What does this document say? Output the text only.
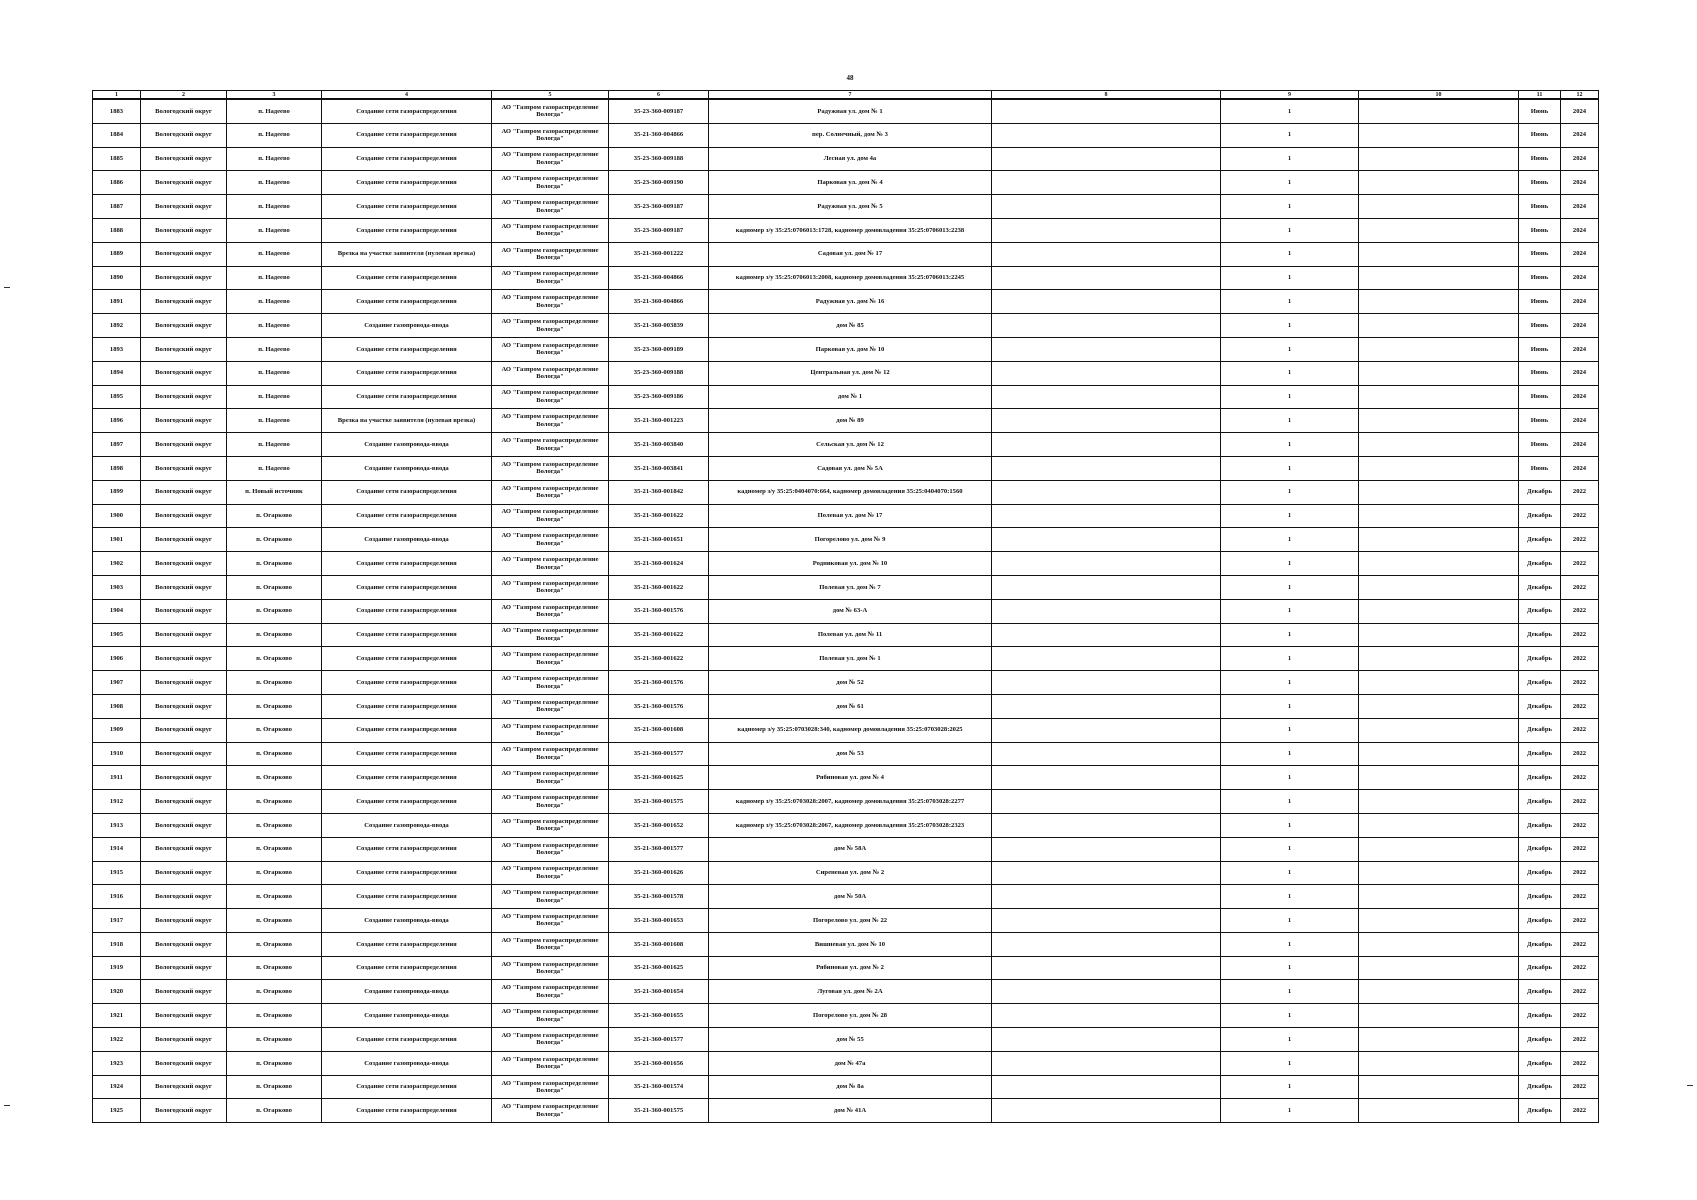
48
1	2	3	4	5	6	7	8	9	10	11	12
1883	Вологодский округ	п. Надеево	Создание сети газораспределения	АО "Газпром газораспределение Вологда"	35-23-360-009187	Радужная ул. дом № 1		1		Июнь	2024
1884	Вологодский округ	п. Надеево	Создание сети газораспределения	АО "Газпром газораспределение Вологда"	35-21-360-004866	пер. Солнечный, дом № 3		1		Июнь	2024
1885	Вологодский округ	п. Надеево	Создание сети газораспределения	АО "Газпром газораспределение Вологда"	35-23-360-009188	Лесная ул. дом 4а		1		Июнь	2024
1886	Вологодский округ	п. Надеево	Создание сети газораспределения	АО "Газпром газораспределение Вологда"	35-23-360-009190	Парковая ул. дом № 4		1		Июнь	2024
1887	Вологодский округ	п. Надеево	Создание сети газораспределения	АО "Газпром газораспределение Вологда"	35-23-360-009187	Радужная ул. дом № 5		1		Июнь	2024
1888	Вологодский округ	п. Надеево	Создание сети газораспределения	АО "Газпром газораспределение Вологда"	35-23-360-009187	кадномер з/у 35:25:0706013:1728, кадномер домовладения 35:25:0706013:2238		1		Июнь	2024
1889	Вологодский округ	п. Надеево	Врезка на участке заявителя (нулевая врезка)	АО "Газпром газораспределение Вологда"	35-21-360-001222	Садовая ул. дом № 17		1		Июнь	2024
1890	Вологодский округ	п. Надеево	Создание сети газораспределения	АО "Газпром газораспределение Вологда"	35-21-360-004866	кадномер з/у 35:25:0706013:2008, кадномер домовладения 35:25:0706013:2245		1		Июнь	2024
1891	Вологодский округ	п. Надеево	Создание сети газораспределения	АО "Газпром газораспределение Вологда"	35-21-360-004866	Радужная ул. дом № 16		1		Июнь	2024
1892	Вологодский округ	п. Надеево	Создание газопровода-ввода	АО "Газпром газораспределение Вологда"	35-21-360-003839	дом № 85		1		Июнь	2024
1893	Вологодский округ	п. Надеево	Создание сети газораспределения	АО "Газпром газораспределение Вологда"	35-23-360-009189	Парковая ул. дом № 10		1		Июнь	2024
1894	Вологодский округ	п. Надеево	Создание сети газораспределения	АО "Газпром газораспределение Вологда"	35-23-360-009188	Центральная ул. дом № 12		1		Июнь	2024
1895	Вологодский округ	п. Надеево	Создание сети газораспределения	АО "Газпром газораспределение Вологда"	35-23-360-009186	дом № 1		1		Июнь	2024
1896	Вологодский округ	п. Надеево	Врезка на участке заявителя (нулевая врезка)	АО "Газпром газораспределение Вологда"	35-21-360-001223	дом № 89		1		Июнь	2024
1897	Вологодский округ	п. Надеево	Создание газопровода-ввода	АО "Газпром газораспределение Вологда"	35-21-360-003840	Сельская ул. дом № 12		1		Июнь	2024
1898	Вологодский округ	п. Надеево	Создание газопровода-ввода	АО "Газпром газораспределение Вологда"	35-21-360-003841	Садовая ул. дом № 5А		1		Июнь	2024
1899	Вологодский округ	п. Новый источник	Создание сети газораспределения	АО "Газпром газораспределение Вологда"	35-21-360-001842	кадномер з/у 35:25:0404070:664, кадномер домовладения 35:25:0404070:1560		1		Декабрь	2022
1900	Вологодский округ	п. Огарково	Создание сети газораспределения	АО "Газпром газораспределение Вологда"	35-21-360-001622	Полевая ул. дом № 17		1		Декабрь	2022
1901	Вологодский округ	п. Огарково	Создание газопровода-ввода	АО "Газпром газораспределение Вологда"	35-21-360-001651	Погорелово ул. дом № 9		1		Декабрь	2022
1902	Вологодский округ	п. Огарково	Создание сети газораспределения	АО "Газпром газораспределение Вологда"	35-21-360-001624	Родниковая ул. дом № 10		1		Декабрь	2022
1903	Вологодский округ	п. Огарково	Создание сети газораспределения	АО "Газпром газораспределение Вологда"	35-21-360-001622	Полевая ул. дом № 7		1		Декабрь	2022
1904	Вологодский округ	п. Огарково	Создание сети газораспределения	АО "Газпром газораспределение Вологда"	35-21-360-001576	дом № 63-А		1		Декабрь	2022
1905	Вологодский округ	п. Огарково	Создание сети газораспределения	АО "Газпром газораспределение Вологда"	35-21-360-001622	Полевая ул. дом № 11		1		Декабрь	2022
1906	Вологодский округ	п. Огарково	Создание сети газораспределения	АО "Газпром газораспределение Вологда"	35-21-360-001622	Полевая ул. дом № 1		1		Декабрь	2022
1907	Вологодский округ	п. Огарково	Создание сети газораспределения	АО "Газпром газораспределение Вологда"	35-21-360-001576	дом № 52		1		Декабрь	2022
1908	Вологодский округ	п. Огарково	Создание сети газораспределения	АО "Газпром газораспределение Вологда"	35-21-360-001576	дом № 61		1		Декабрь	2022
1909	Вологодский округ	п. Огарково	Создание сети газораспределения	АО "Газпром газораспределение Вологда"	35-21-360-001608	кадномер з/у 35:25:0703028:340, кадномер домовладения 35:25:0703028:2025		1		Декабрь	2022
1910	Вологодский округ	п. Огарково	Создание сети газораспределения	АО "Газпром газораспределение Вологда"	35-21-360-001577	дом № 53		1		Декабрь	2022
1911	Вологодский округ	п. Огарково	Создание сети газораспределения	АО "Газпром газораспределение Вологда"	35-21-360-001625	Рябиновая ул. дом № 4		1		Декабрь	2022
1912	Вологодский округ	п. Огарково	Создание сети газораспределения	АО "Газпром газораспределение Вологда"	35-21-360-001575	кадномер з/у 35:25:0703028:2007, кадномер домовладения 35:25:0703028:2277		1		Декабрь	2022
1913	Вологодский округ	п. Огарково	Создание газопровода-ввода	АО "Газпром газораспределение Вологда"	35-21-360-001652	кадномер з/у 35:25:0703028:2067, кадномер домовладения 35:25:0703028:2323		1		Декабрь	2022
1914	Вологодский округ	п. Огарково	Создание сети газораспределения	АО "Газпром газораспределение Вологда"	35-21-360-001577	дом № 58А		1		Декабрь	2022
1915	Вологодский округ	п. Огарково	Создание сети газораспределения	АО "Газпром газораспределение Вологда"	35-21-360-001626	Сиреневая ул. дом № 2		1		Декабрь	2022
1916	Вологодский округ	п. Огарково	Создание сети газораспределения	АО "Газпром газораспределение Вологда"	35-21-360-001578	дом № 50А		1		Декабрь	2022
1917	Вологодский округ	п. Огарково	Создание газопровода-ввода	АО "Газпром газораспределение Вологда"	35-21-360-001653	Погорелово ул. дом № 22		1		Декабрь	2022
1918	Вологодский округ	п. Огарково	Создание сети газораспределения	АО "Газпром газораспределение Вологда"	35-21-360-001608	Вишневая ул. дом № 10		1		Декабрь	2022
1919	Вологодский округ	п. Огарково	Создание сети газораспределения	АО "Газпром газораспределение Вологда"	35-21-360-001625	Рябиновая ул. дом № 2		1		Декабрь	2022
1920	Вологодский округ	п. Огарково	Создание газопровода-ввода	АО "Газпром газораспределение Вологда"	35-21-360-001654	Луговая ул. дом № 2А		1		Декабрь	2022
1921	Вологодский округ	п. Огарково	Создание газопровода-ввода	АО "Газпром газораспределение Вологда"	35-21-360-001655	Погорелово ул. дом № 28		1		Декабрь	2022
1922	Вологодский округ	п. Огарково	Создание сети газораспределения	АО "Газпром газораспределение Вологда"	35-21-360-001577	дом № 55		1		Декабрь	2022
1923	Вологодский округ	п. Огарково	Создание газопровода-ввода	АО "Газпром газораспределение Вологда"	35-21-360-001656	дом № 47а		1		Декабрь	2022
1924	Вологодский округ	п. Огарково	Создание сети газораспределения	АО "Газпром газораспределение Вологда"	35-21-360-001574	дом № 8а		1		Декабрь	2022
1925	Вологодский округ	п. Огарково	Создание сети газораспределения	АО "Газпром газораспределение Вологда"	35-21-360-001575	дом № 41А		1		Декабрь	2022
